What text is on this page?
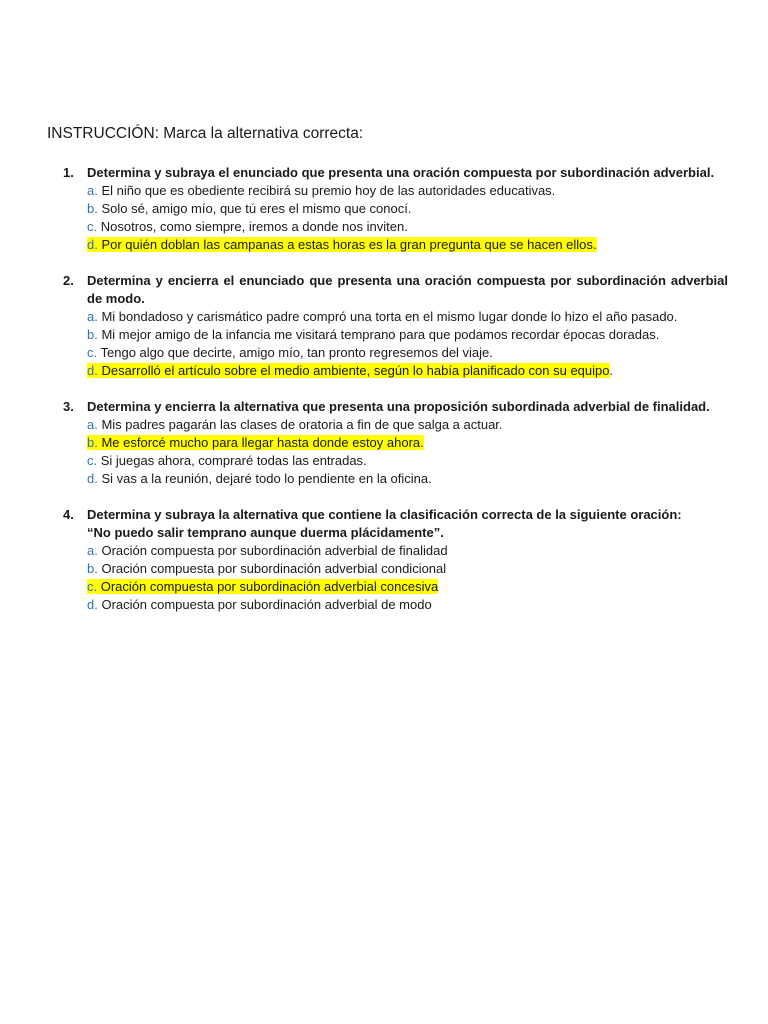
INSTRUCCIÓN: Marca la alternativa correcta:
1. Determina y subraya el enunciado que presenta una oración compuesta por subordinación adverbial.
a. El niño que es obediente recibirá su premio hoy de las autoridades educativas.
b. Solo sé, amigo mío, que tú eres el mismo que conocí.
c. Nosotros, como siempre, iremos a donde nos inviten.
d. Por quién doblan las campanas a estas horas es la gran pregunta que se hacen ellos.
2. Determina y encierra el enunciado que presenta una oración compuesta por subordinación adverbial de modo.
a. Mi bondadoso y carismático padre compró una torta en el mismo lugar donde lo hizo el año pasado.
b. Mi mejor amigo de la infancia me visitará temprano para que podamos recordar épocas doradas.
c. Tengo algo que decirte, amigo mío, tan pronto regresemos del viaje.
d. Desarrolló el artículo sobre el medio ambiente, según lo había planificado con su equipo.
3. Determina y encierra la alternativa que presenta una proposición subordinada adverbial de finalidad.
a. Mis padres pagarán las clases de oratoria a fin de que salga a actuar.
b. Me esforcé mucho para llegar hasta donde estoy ahora.
c. Si juegas ahora, compraré todas las entradas.
d. Si vas a la reunión, dejaré todo lo pendiente en la oficina.
4. Determina y subraya la alternativa que contiene la clasificación correcta de la siguiente oración:
“No puedo salir temprano aunque duerma plácidamente”.
a. Oración compuesta por subordinación adverbial de finalidad
b. Oración compuesta por subordinación adverbial condicional
c. Oración compuesta por subordinación adverbial concesiva
d. Oración compuesta por subordinación adverbial de modo
